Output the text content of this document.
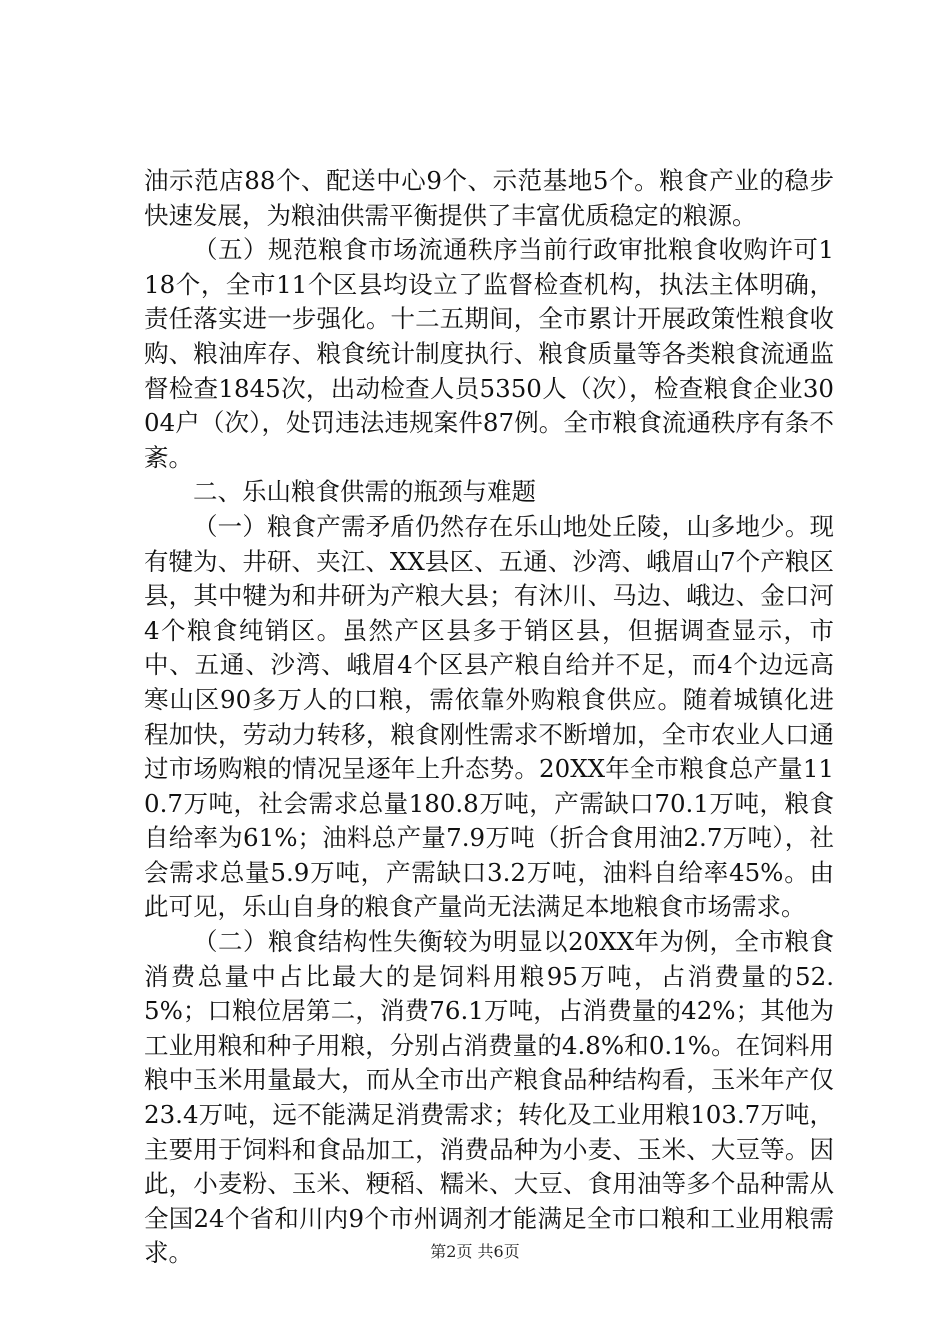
油示范店88个、配送中心9个、示范基地5个。粮食产业的稳步快速发展，为粮油供需平衡提供了丰富优质稳定的粮源。

（五）规范粮食市场流通秩序当前行政审批粮食收购许可118个，全市11个区县均设立了监督检查机构，执法主体明确，责任落实进一步强化。十二五期间，全市累计开展政策性粮食收购、粮油库存、粮食统计制度执行、粮食质量等各类粮食流通监督检查1845次，出动检查人员5350人（次），检查粮食企业3004户（次），处罚违法违规案件87例。全市粮食流通秩序有条不紊。

二、乐山粮食供需的瓶颈与难题

（一）粮食产需矛盾仍然存在乐山地处丘陵，山多地少。现有犍为、井研、夹江、XX县区、五通、沙湾、峨眉山7个产粮区县，其中犍为和井研为产粮大县；有沐川、马边、峨边、金口河4个粮食纯销区。虽然产区县多于销区县，但据调查显示，市中、五通、沙湾、峨眉4个区县产粮自给并不足，而4个边远高寒山区90多万人的口粮，需依靠外购粮食供应。随着城镇化进程加快，劳动力转移，粮食刚性需求不断增加，全市农业人口通过市场购粮的情况呈逐年上升态势。20XX年全市粮食总产量110.7万吨，社会需求总量180.8万吨，产需缺口70.1万吨，粮食自给率为61%；油料总产量7.9万吨（折合食用油2.7万吨），社会需求总量5.9万吨，产需缺口3.2万吨，油料自给率45%。由此可见，乐山自身的粮食产量尚无法满足本地粮食市场需求。

（二）粮食结构性失衡较为明显以20XX年为例，全市粮食消费总量中占比最大的是饲料用粮95万吨，占消费量的52.5%；口粮位居第二，消费76.1万吨，占消费量的42%；其他为工业用粮和种子用粮，分别占消费量的4.8%和0.1%。在饲料用粮中玉米用量最大，而从全市出产粮食品种结构看，玉米年产仅23.4万吨，远不能满足消费需求；转化及工业用粮103.7万吨，主要用于饲料和食品加工，消费品种为小麦、玉米、大豆等。因此，小麦粉、玉米、粳稻、糯米、大豆、食用油等多个品种需从全国24个省和川内9个市州调剂才能满足全市口粮和工业用粮需求。	第2页 共6页
